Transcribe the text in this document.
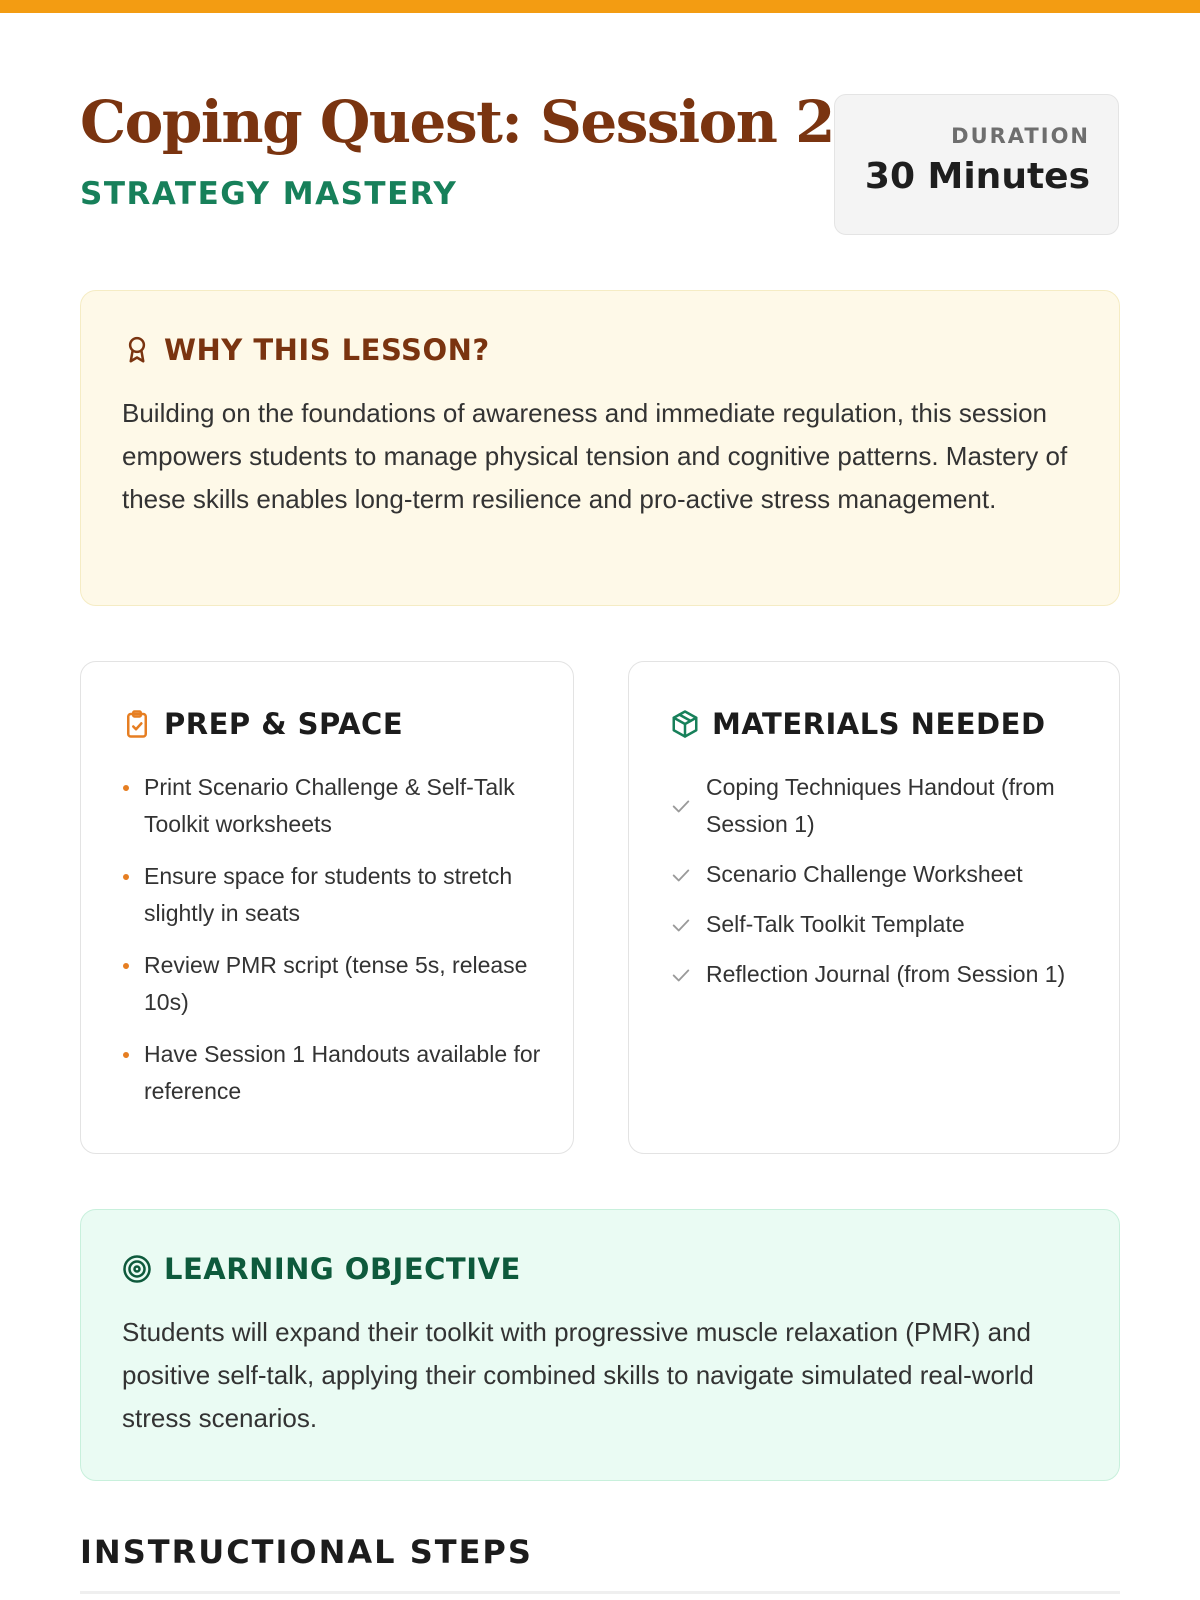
Coping Quest: Session 2
STRATEGY MASTERY
DURATION
30 Minutes
WHY THIS LESSON?

Building on the foundations of awareness and immediate regulation, this session empowers students to manage physical tension and cognitive patterns. Mastery of these skills enables long-term resilience and pro-active stress management.

PREP & SPACE
Print Scenario Challenge & Self-Talk Toolkit worksheets
Ensure space for students to stretch slightly in seats
Review PMR script (tense 5s, release 10s)
Have Session 1 Handouts available for reference
MATERIALS NEEDED
Coping Techniques Handout (from Session 1)
Scenario Challenge Worksheet
Self-Talk Toolkit Template
Reflection Journal (from Session 1)
LEARNING OBJECTIVE

Students will expand their toolkit with progressive muscle relaxation (PMR) and positive self-talk, applying their combined skills to navigate simulated real-world stress scenarios.

INSTRUCTIONAL STEPS
